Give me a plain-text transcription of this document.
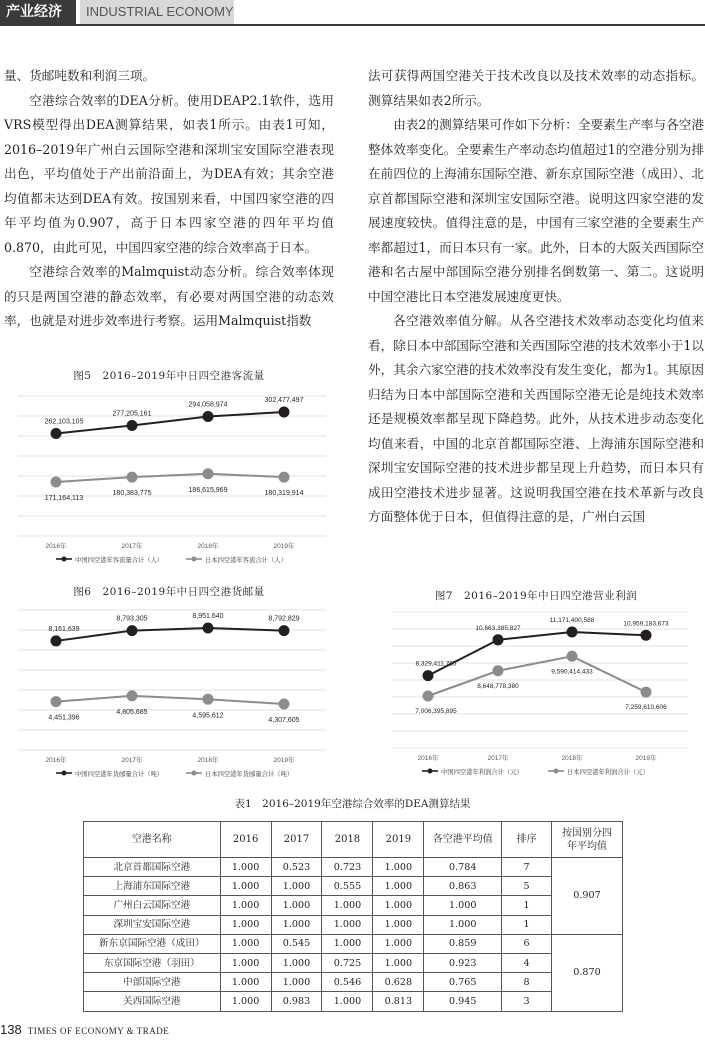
产业经济	INDUSTRIAL ECONOMY

量、货邮吨数和利润三项。

空港综合效率的DEA分析。使用DEAP2.1软件，选用VRS模型得出DEA测算结果，如表1所示。由表1可知，2016–2019年广州白云国际空港和深圳宝安国际空港表现出色，平均值处于产出前沿面上，为DEA有效；其余空港均值都未达到DEA有效。按国别来看，中国四家空港的四年平均值为0.907，高于日本四家空港的四年平均值0.870，由此可见，中国四家空港的综合效率高于日本。

空港综合效率的Malmquist动态分析。综合效率体现的只是两国空港的静态效率，有必要对两国空港的动态效率，也就是对进步效率进行考察。运用Malmquist指数

法可获得两国空港关于技术改良以及技术效率的动态指标。测算结果如表2所示。

由表2的测算结果可作如下分析：全要素生产率与各空港整体效率变化。全要素生产率动态均值超过1的空港分别为排在前四位的上海浦东国际空港、新东京国际空港（成田）、北京首都国际空港和深圳宝安国际空港。说明这四家空港的发展速度较快。值得注意的是，中国有三家空港的全要素生产率都超过1，而日本只有一家。此外，日本的大阪关西国际空港和名古屋中部国际空港分别排名倒数第一、第二。这说明中国空港比日本空港发展速度更快。

各空港效率值分解。从各空港技术效率动态变化均值来看，除日本中部国际空港和关西国际空港的技术效率小于1以外，其余六家空港的技术效率没有发生变化，都为1。其原因归结为日本中部国际空港和关西国际空港无论是纯技术效率还是规模效率都呈现下降趋势。此外，从技术进步动态变化均值来看，中国的北京首都国际空港、上海浦东国际空港和深圳宝安国际空港的技术进步都呈现上升趋势，而日本只有成田空港技术进步显著。这说明我国空港在技术革新与改良方面整体优于日本，但值得注意的是，广州白云国

图5　2016–2019年中日四空港客流量
262,103,105
277,205,161
294,058,974
302,477,497
171,164,113
180,383,775	186,615,969	180,319,914
2016年	2017年	2018年	2019年
中国四空港年客流量合计（人）	日本四空港年客流合计（人）
图6　2016–2019年中日四空港货邮量
8,161,639
8,793,305	8,951,640	8,792,829
4,451,396
4,805,685	4,595,612
4,307,605
2016年	2017年	2018年	2019年
中国四空港年货邮量合计（吨）	日本四空港年货邮量合计（吨）
图7　2016–2019年中日四空港营业利润
8,329,411,765
10,663,385,827
11,171,400,588	10,959,183,673
7,006,395,895
8,648,778,380
9,590,414,433
7,259,610,606
2016年	2017年	2018年	2019年
中国四空港年利润合计（元）	日本四空港年利润合计（元）
表1　2016–2019年空港综合效率的DEA测算结果
空港名称	2016	2017	2018	2019	各空港平均值	排序	按国别分四年平均值
北京首都国际空港	1.000	0.523	0.723	1.000	0.784	7	0.907
上海浦东国际空港	1.000	1.000	0.555	1.000	0.863	5	
广州白云国际空港	1.000	1.000	1.000	1.000	1.000	1	
深圳宝安国际空港	1.000	1.000	1.000	1.000	1.000	1	
新东京国际空港（成田）	1.000	0.545	1.000	1.000	0.859	6	0.870
东京国际空港（羽田）	1.000	1.000	0.725	1.000	0.923	4	
中部国际空港	1.000	1.000	0.546	0.628	0.765	8	
关西国际空港	1.000	0.983	1.000	0.813	0.945	3	
138 TIMES OF ECONOMY & TRADE
